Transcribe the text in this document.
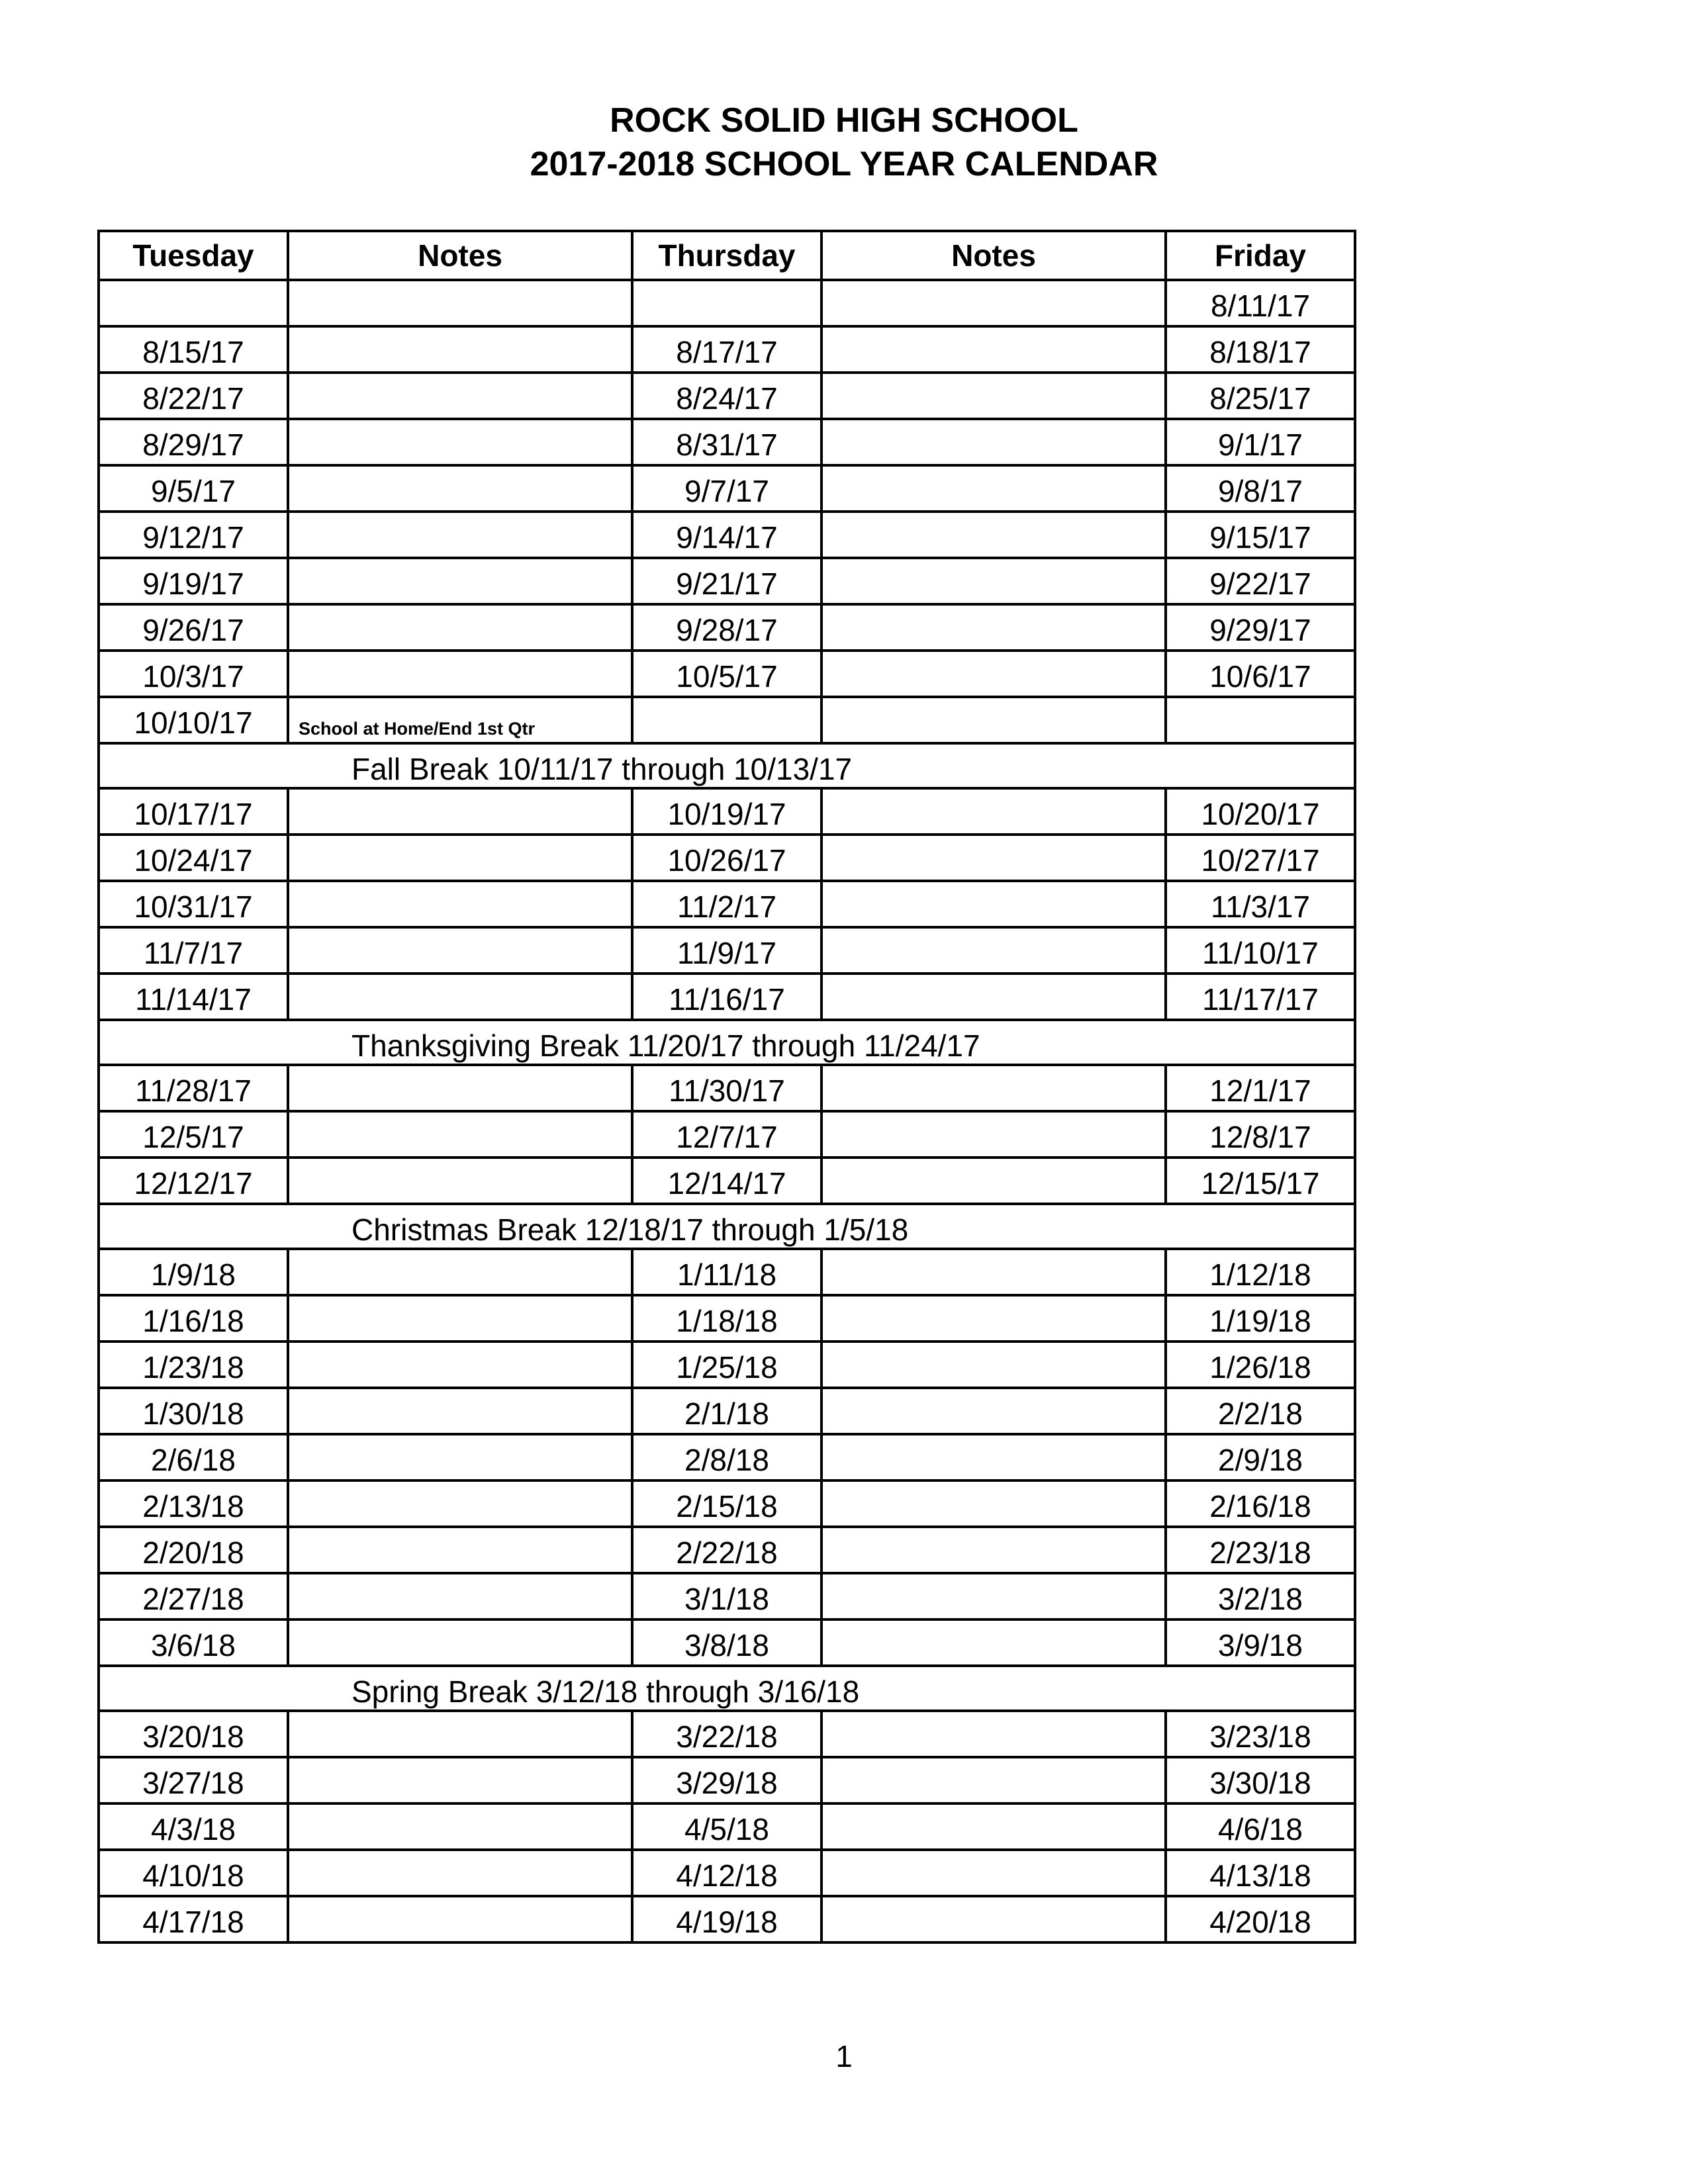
ROCK SOLID HIGH SCHOOL
2017-2018 SCHOOL YEAR CALENDAR
Tuesday	Notes	Thursday	Notes	Friday
				8/11/17
8/15/17		8/17/17		8/18/17
8/22/17		8/24/17		8/25/17
8/29/17		8/31/17		9/1/17
9/5/17		9/7/17		9/8/17
9/12/17		9/14/17		9/15/17
9/19/17		9/21/17		9/22/17
9/26/17		9/28/17		9/29/17
10/3/17		10/5/17		10/6/17
10/10/17	School at Home/End 1st Qtr			
Fall Break 10/11/17 through 10/13/17				
10/17/17		10/19/17		10/20/17
10/24/17		10/26/17		10/27/17
10/31/17		11/2/17		11/3/17
11/7/17		11/9/17		11/10/17
11/14/17		11/16/17		11/17/17
Thanksgiving Break 11/20/17 through 11/24/17				
11/28/17		11/30/17		12/1/17
12/5/17		12/7/17		12/8/17
12/12/17		12/14/17		12/15/17
Christmas Break 12/18/17 through 1/5/18				
1/9/18		1/11/18		1/12/18
1/16/18		1/18/18		1/19/18
1/23/18		1/25/18		1/26/18
1/30/18		2/1/18		2/2/18
2/6/18		2/8/18		2/9/18
2/13/18		2/15/18		2/16/18
2/20/18		2/22/18		2/23/18
2/27/18		3/1/18		3/2/18
3/6/18		3/8/18		3/9/18
Spring Break 3/12/18 through 3/16/18				
3/20/18		3/22/18		3/23/18
3/27/18		3/29/18		3/30/18
4/3/18		4/5/18		4/6/18
4/10/18		4/12/18		4/13/18
4/17/18		4/19/18		4/20/18
1
